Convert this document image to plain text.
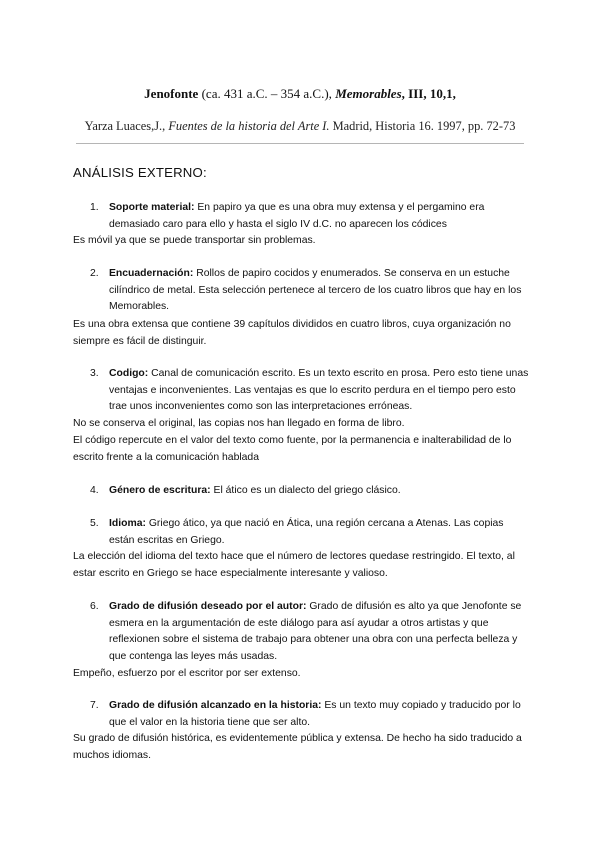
Jenofonte (ca. 431 a.C. – 354 a.C.), Memorables, III, 10,1,
Yarza Luaces,J., Fuentes de la historia del Arte I. Madrid, Historia 16. 1997, pp. 72-73
ANÁLISIS EXTERNO:
1. Soporte material: En papiro ya que es una obra muy extensa y el pergamino era demasiado caro para ello y hasta el siglo IV d.C. no aparecen los códices
Es móvil ya que se puede transportar sin problemas.
2. Encuadernación: Rollos de papiro cocidos y enumerados. Se conserva en un estuche cilíndrico de metal. Esta selección pertenece al tercero de los cuatro libros que hay en los Memorables.
Es una obra extensa que contiene 39 capítulos divididos en cuatro libros, cuya organización no siempre es fácil de distinguir.
3. Codigo: Canal de comunicación escrito. Es un texto escrito en prosa. Pero esto tiene unas ventajas e inconvenientes. Las ventajas es que lo escrito perdura en el tiempo pero esto trae unos inconvenientes como son las interpretaciones erróneas.
No se conserva el original, las copias nos han llegado en forma de libro.
El código repercute en el valor del texto como fuente, por la permanencia e inalterabilidad de lo escrito frente a la comunicación hablada
4. Género de escritura: El ático es un dialecto del griego clásico.
5. Idioma: Griego ático, ya que nació en Ática, una región cercana a Atenas. Las copias están escritas en Griego.
La elección del idioma del texto hace que el número de lectores quedase restringido. El texto, al estar escrito en Griego se hace especialmente interesante y valioso.
6. Grado de difusión deseado por el autor: Grado de difusión es alto ya que Jenofonte se esmera en la argumentación de este diálogo para así ayudar a otros artistas y que reflexionen sobre el sistema de trabajo para obtener una obra con una perfecta belleza y que contenga las leyes más usadas.
Empeño, esfuerzo por el escritor por ser extenso.
7. Grado de difusión alcanzado en la historia: Es un texto muy copiado y traducido por lo que el valor en la historia tiene que ser alto.
Su grado de difusión histórica, es evidentemente pública y extensa. De hecho ha sido traducido a muchos idiomas.
